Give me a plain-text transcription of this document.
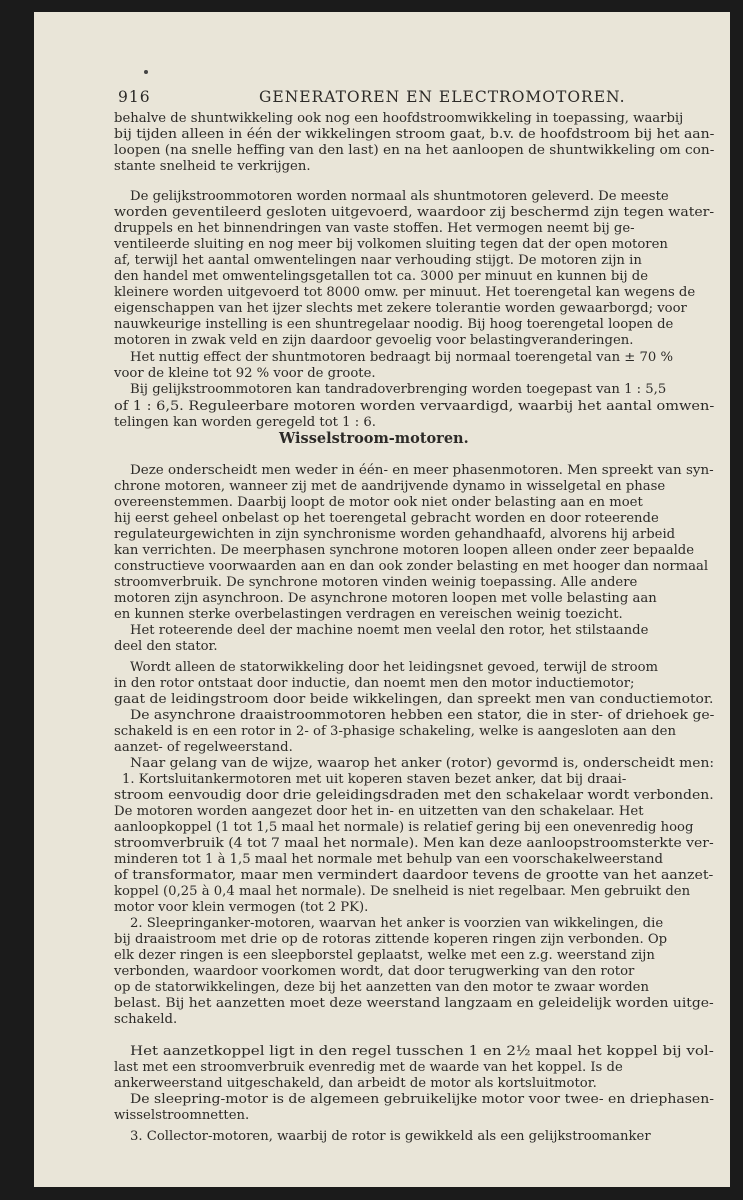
916	GENERATOREN EN ELECTROMOTOREN.

Wisselstroom-motoren.

behalve de shuntwikkeling ook nog een hoofdstroomwikkeling in toepassing, waarbij

bij tijden alleen in één der wikkelingen stroom gaat, b.v. de hoofdstroom bij het aan-

loopen (na snelle heffing van den last) en na het aanloopen de shuntwikkeling om con-

stante snelheid te verkrijgen.

De gelijkstroommotoren worden normaal als shuntmotoren geleverd. De meeste

worden geventileerd gesloten uitgevoerd, waardoor zij beschermd zijn tegen water-

druppels en het binnendringen van vaste stoffen. Het vermogen neemt bij ge-

ventileerde sluiting en nog meer bij volkomen sluiting tegen dat der open motoren

af, terwijl het aantal omwentelingen naar verhouding stijgt. De motoren zijn in

den handel met omwentelingsgetallen tot ca. 3000 per minuut en kunnen bij de

kleinere worden uitgevoerd tot 8000 omw. per minuut. Het toerengetal kan wegens de

eigenschappen van het ijzer slechts met zekere tolerantie worden gewaarborgd; voor

nauwkeurige instelling is een shuntregelaar noodig. Bij hoog toerengetal loopen de

motoren in zwak veld en zijn daardoor gevoelig voor belastingveranderingen.

Het nuttig effect der shuntmotoren bedraagt bij normaal toerengetal van ± 70 %

voor de kleine tot 92 % voor de groote.

Bij gelijkstroommotoren kan tandradoverbrenging worden toegepast van 1 : 5,5

of 1 : 6,5. Reguleerbare motoren worden vervaardigd, waarbij het aantal omwen-

telingen kan worden geregeld tot 1 : 6.

Deze onderscheidt men weder in één- en meer phasenmotoren. Men spreekt van syn-

chrone motoren, wanneer zij met de aandrijvende dynamo in wisselgetal en phase

overeenstemmen. Daarbij loopt de motor ook niet onder belasting aan en moet

hij eerst geheel onbelast op het toerengetal gebracht worden en door roteerende

regulateurgewichten in zijn synchronisme worden gehandhaafd, alvorens hij arbeid

kan verrichten. De meerphasen synchrone motoren loopen alleen onder zeer bepaalde

constructieve voorwaarden aan en dan ook zonder belasting en met hooger dan normaal

stroomverbruik. De synchrone motoren vinden weinig toepassing. Alle andere

motoren zijn asynchroon. De asynchrone motoren loopen met volle belasting aan

en kunnen sterke overbelastingen verdragen en vereischen weinig toezicht.

Het roteerende deel der machine noemt men veelal den rotor, het stilstaande

deel den stator.

Wordt alleen de statorwikkeling door het leidingsnet gevoed, terwijl de stroom

in den rotor ontstaat door inductie, dan noemt men den motor inductiemotor;

gaat de leidingstroom door beide wikkelingen, dan spreekt men van conductiemotor.

De asynchrone draaistroommotoren hebben een stator, die in ster- of driehoek ge-

schakeld is en een rotor in 2- of 3-phasige schakeling, welke is aangesloten aan den

aanzet- of regelweerstand.

Naar gelang van de wijze, waarop het anker (rotor) gevormd is, onderscheidt men:

1. Kortsluitankermotoren met uit koperen staven bezet anker, dat bij draai-

stroom eenvoudig door drie geleidingsdraden met den schakelaar wordt verbonden.

De motoren worden aangezet door het in- en uitzetten van den schakelaar. Het

aanloopkoppel (1 tot 1,5 maal het normale) is relatief gering bij een onevenredig hoog

stroomverbruik (4 tot 7 maal het normale). Men kan deze aanloopstroomsterkte ver-

minderen tot 1 à 1,5 maal het normale met behulp van een voorschakelweerstand

of transformator, maar men vermindert daardoor tevens de grootte van het aanzet-

koppel (0,25 à 0,4 maal het normale). De snelheid is niet regelbaar. Men gebruikt den

motor voor klein vermogen (tot 2 PK).

2. Sleepringanker-motoren, waarvan het anker is voorzien van wikkelingen, die

bij draaistroom met drie op de rotoras zittende koperen ringen zijn verbonden. Op

elk dezer ringen is een sleepborstel geplaatst, welke met een z.g. weerstand zijn

verbonden, waardoor voorkomen wordt, dat door terugwerking van den rotor

op de statorwikkelingen, deze bij het aanzetten van den motor te zwaar worden

belast. Bij het aanzetten moet deze weerstand langzaam en geleidelijk worden uitge-

schakeld.

Het aanzetkoppel ligt in den regel tusschen 1 en 2½ maal het koppel bij vol-

last met een stroomverbruik evenredig met de waarde van het koppel. Is de

ankerweerstand uitgeschakeld, dan arbeidt de motor als kortsluitmotor.

De sleepring-motor is de algemeen gebruikelijke motor voor twee- en driephasen-

wisselstroomnetten.

3. Collector-motoren, waarbij de rotor is gewikkeld als een gelijkstroomanker
